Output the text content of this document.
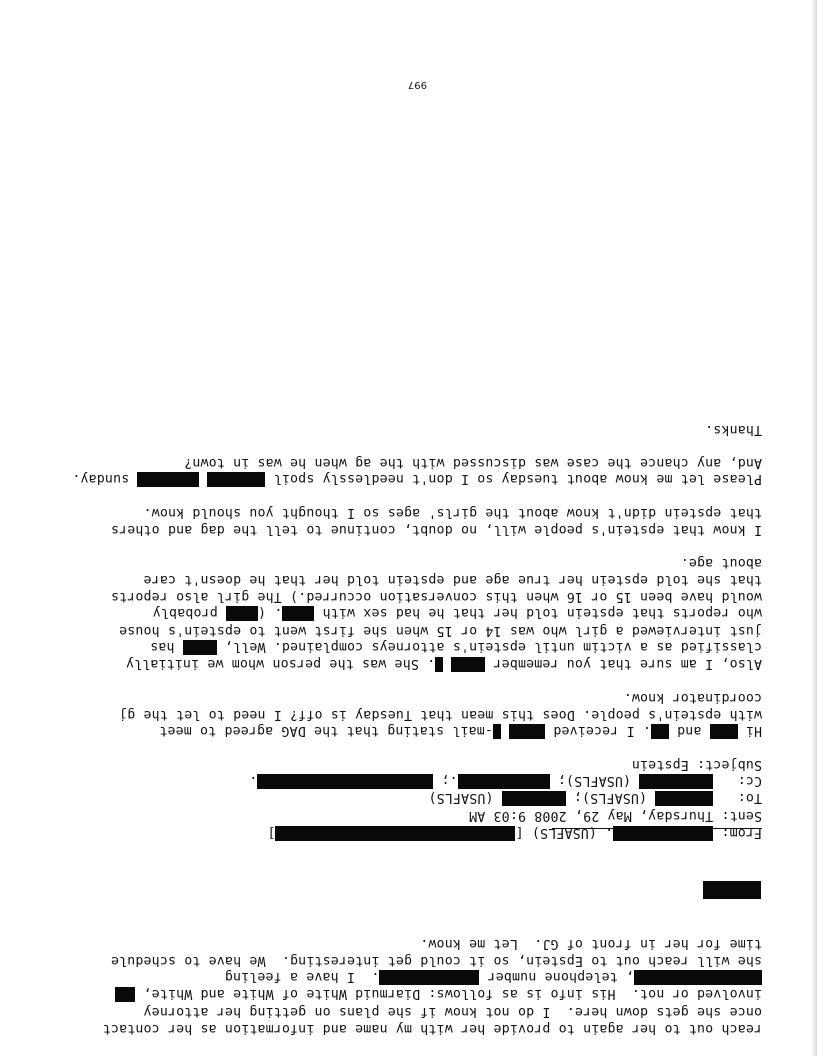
reach out to her again to provide her with my name and information as her contact
once she gets down here.  I do not know if she plans on getting her attorney
involved or not.  His info is as follows: Diarmuid White of White and White,
, telephone number .  I have a feeling
she will reach out to Epstein, so it could get interesting.  We have to schedule
time for her in front of GJ.  Let me know.
From: . (USAFLS) []
Sent: Thursday, May 29, 2008 9:03 AM
To:    (USAFLS);  (USAFLS)
Cc:    (USAFLS); .; .
Subject: Epstein
Hi  and . I received  -mail stating that the DAG agreed to meet
with epstein's people. Does this mean that Tuesday is off? I need to let the gj
coordinator know.
Also, I am sure that you remember  . She was the person whom we initially
classified as a victim until epstein's attorneys complained. Well,  has
just interviewed a girl who was 14 or 15 when she first went to epstein's house
who reports that epstein told her that he had sex with . ( probably
would have been 15 or 16 when this conversation occurred.) The girl also reports
that she told epstein her true age and epstein told her that he doesn't care
about age.
I know that epstein's people will, no doubt, continue to tell the dag and others
that epstein didn't know about the girls' ages so I thought you should know.
Please let me know about tuesday so I don't needlessly spoil   sunday.
And, any chance the case was discussed with the ag when he was in town?
Thanks.
997
